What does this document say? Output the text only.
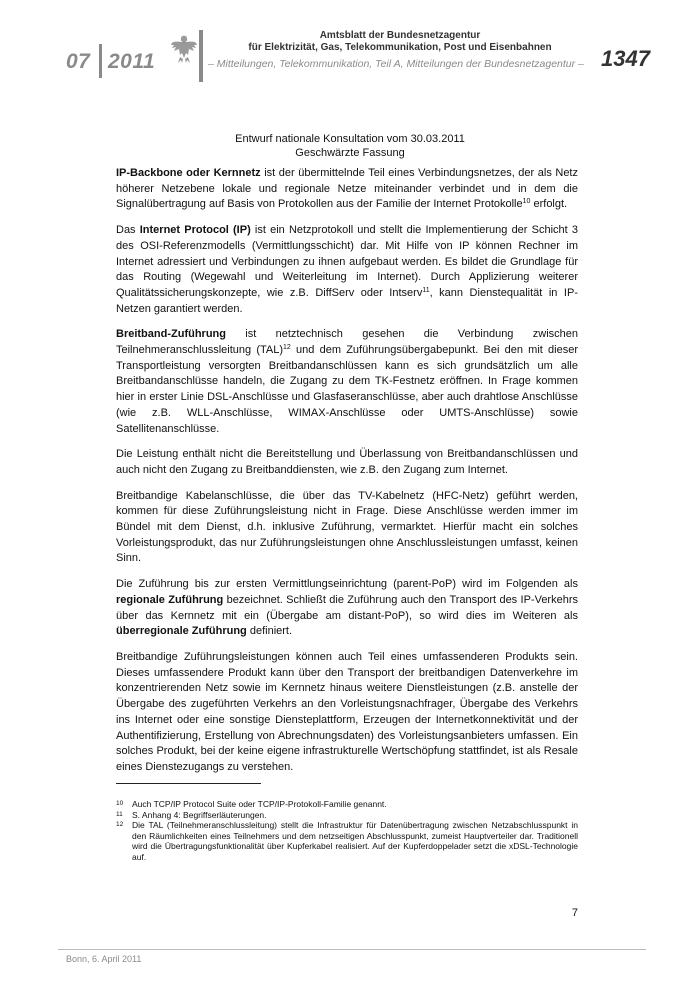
07 2011
Amtsblatt der Bundesnetzagentur
für Elektrizität, Gas, Telekommunikation, Post und Eisenbahnen
– Mitteilungen, Telekommunikation, Teil A, Mitteilungen der Bundesnetzagentur – 1347
Entwurf nationale Konsultation vom 30.03.2011
Geschwärzte Fassung

IP-Backbone oder Kernnetz ist der übermittelnde Teil eines Verbindungsnetzes, der als Netz höherer Netzebene lokale und regionale Netze miteinander verbindet und in dem die Signalübertragung auf Basis von Protokollen aus der Familie der Internet Protokolle$^{10}$ erfolgt.

Das Internet Protocol (IP) ist ein Netzprotokoll und stellt die Implementierung der Schicht 3 des OSI-Referenzmodells (Vermittlungsschicht) dar. Mit Hilfe von IP können Rechner im Internet adressiert und Verbindungen zu ihnen aufgebaut werden. Es bildet die Grundlage für das Routing (Wegewahl und Weiterleitung im Internet). Durch Applizierung weiterer Qualitätssicherungskonzepte, wie z.B. DiffServ oder Intserv$^{11}$, kann Dienstequalität in IP-Netzen garantiert werden.

Breitband-Zuführung ist netztechnisch gesehen die Verbindung zwischen Teilnehmeranschlussleitung (TAL)$^{12}$ und dem Zuführungsübergabepunkt. Bei den mit dieser Transportleistung versorgten Breitbandanschlüssen kann es sich grundsätzlich um alle Breitbandanschlüsse handeln, die Zugang zu dem TK-Festnetz eröffnen. In Frage kommen hier in erster Linie DSL-Anschlüsse und Glasfaseranschlüsse, aber auch drahtlose Anschlüsse (wie z.B. WLL-Anschlüsse, WIMAX-Anschlüsse oder UMTS-Anschlüsse) sowie Satellitenanschlüsse.

Die Leistung enthält nicht die Bereitstellung und Überlassung von Breitbandanschlüssen und auch nicht den Zugang zu Breitbanddiensten, wie z.B. den Zugang zum Internet.

Breitbandige Kabelanschlüsse, die über das TV-Kabelnetz (HFC-Netz) geführt werden, kommen für diese Zuführungsleistung nicht in Frage. Diese Anschlüsse werden immer im Bündel mit dem Dienst, d.h. inklusive Zuführung, vermarktet. Hierfür macht ein solches Vorleistungsprodukt, das nur Zuführungsleistungen ohne Anschlussleistungen umfasst, keinen Sinn.

Die Zuführung bis zur ersten Vermittlungseinrichtung (parent-PoP) wird im Folgenden als regionale Zuführung bezeichnet. Schließt die Zuführung auch den Transport des IP-Verkehrs über das Kernnetz mit ein (Übergabe am distant-PoP), so wird dies im Weiteren als überregionale Zuführung definiert.

Breitbandige Zuführungsleistungen können auch Teil eines umfassenderen Produkts sein. Dieses umfassendere Produkt kann über den Transport der breitbandigen Datenverkehre im konzentrierenden Netz sowie im Kernnetz hinaus weitere Dienstleistungen (z.B. anstelle der Übergabe des zugeführten Verkehrs an den Vorleistungsnachfrager, Übergabe des Verkehrs ins Internet oder eine sonstige Diensteplattform, Erzeugen der Internetkonnektivität und der Authentifizierung, Erstellung von Abrechnungsdaten) des Vorleistungsanbieters umfassen. Ein solches Produkt, bei der keine eigene infrastrukturelle Wertschöpfung stattfindet, ist als Resale eines Dienstezugangs zu verstehen.

10	Auch TCP/IP Protocol Suite oder TCP/IP-Protokoll-Familie genannt.
11	S. Anhang 4: Begriffserläuterungen.
12	Die TAL (Teilnehmeranschlussleitung) stellt die Infrastruktur für Datenübertragung zwischen Netzabschlusspunkt in den Räumlichkeiten eines Teilnehmers und dem netzseitigen Abschlusspunkt, zumeist Hauptverteiler dar. Traditionell wird die Übertragungsfunktionalität über Kupferkabel realisiert. Auf der Kupferdoppelader setzt die xDSL-Technologie auf.
7
Bonn, 6. April 2011
